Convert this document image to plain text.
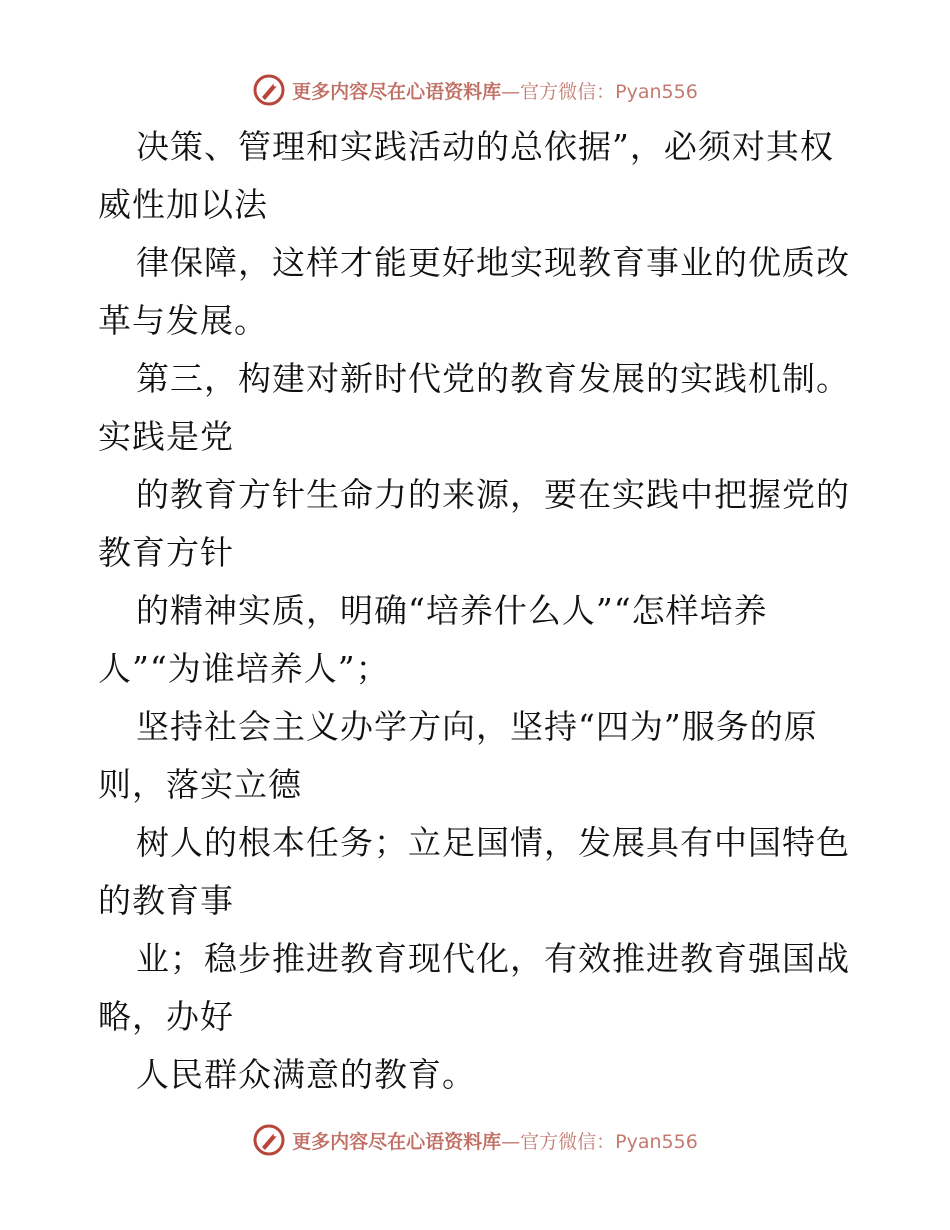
更多内容尽在心语资料库—官方微信：Pyan556
决策、管理和实践活动的总依据”，必须对其权
威性加以法
律保障，这样才能更好地实现教育事业的优质改
革与发展。
第三，构建对新时代党的教育发展的实践机制。
实践是党
的教育方针生命力的来源，要在实践中把握党的
教育方针
的精神实质，明确“培养什么人”“怎样培养
人”“为谁培养人”；
坚持社会主义办学方向，坚持“四为”服务的原
则，落实立德
树人的根本任务；立足国情，发展具有中国特色
的教育事
业；稳步推进教育现代化，有效推进教育强国战
略，办好
人民群众满意的教育。
更多内容尽在心语资料库—官方微信：Pyan556
